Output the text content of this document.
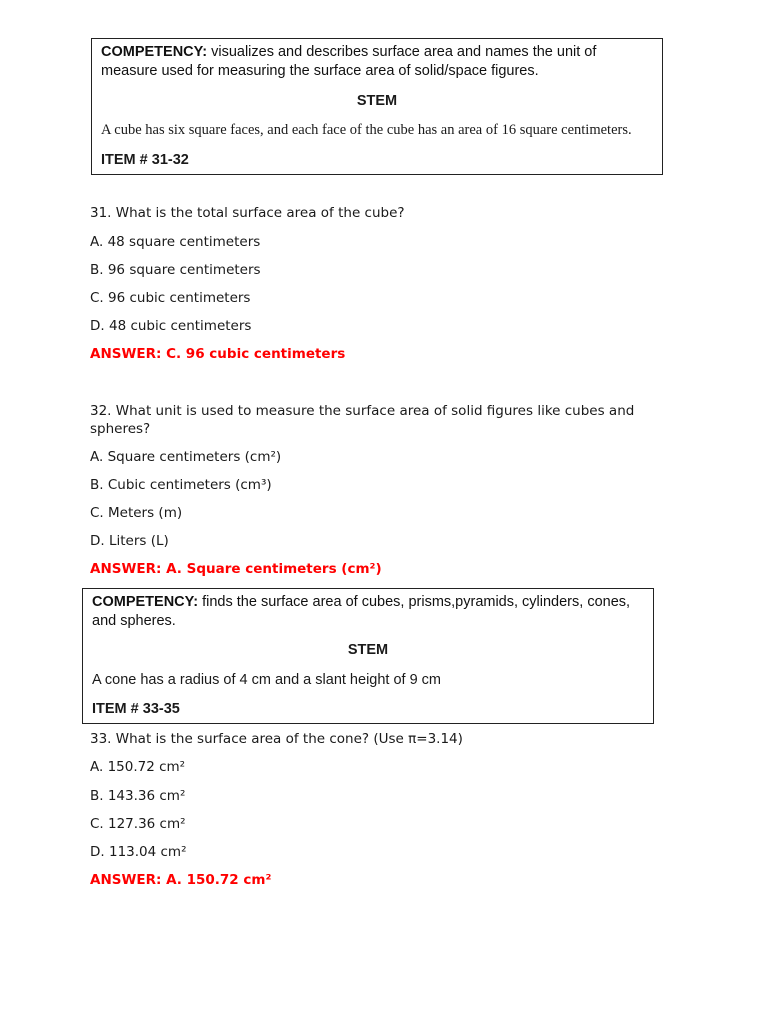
COMPETENCY: visualizes and describes surface area and names the unit of measure used for measuring the surface area of solid/space figures.
STEM
A cube has six square faces, and each face of the cube has an area of 16 square centimeters.
ITEM # 31-32
31. What is the total surface area of the cube?
A. 48 square centimeters
B. 96 square centimeters
C. 96 cubic centimeters
D. 48 cubic centimeters
ANSWER: C. 96 cubic centimeters
32. What unit is used to measure the surface area of solid figures like cubes and spheres?
A. Square centimeters (cm²)
B. Cubic centimeters (cm³)
C. Meters (m)
D. Liters (L)
ANSWER: A. Square centimeters (cm²)
COMPETENCY: finds the surface area of cubes, prisms,pyramids, cylinders, cones, and spheres.
STEM
A cone has a radius of 4 cm and a slant height of 9 cm
ITEM # 33-35
33. What is the surface area of the cone? (Use π=3.14)
A. 150.72 cm²
B. 143.36 cm²
C. 127.36 cm²
D. 113.04 cm²
ANSWER: A. 150.72 cm²
